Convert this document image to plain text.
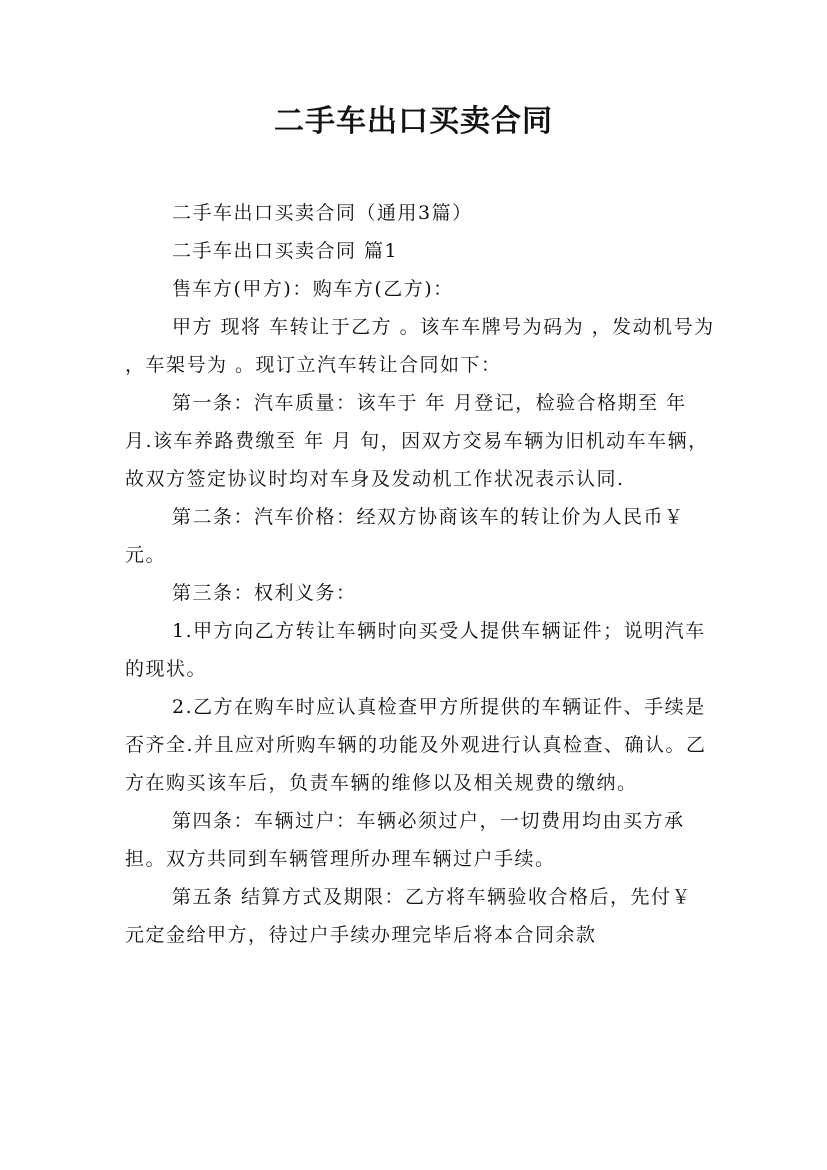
二手车出口买卖合同

二手车出口买卖合同（通用3篇）

二手车出口买卖合同 篇1

售车方(甲方)：购车方(乙方)：

甲方 现将 车转让于乙方 。该车车牌号为码为 ，发动机号为 ，车架号为 。现订立汽车转让合同如下：

第一条：汽车质量：该车于 年 月登记，检验合格期至 年 月.该车养路费缴至 年 月 旬，因双方交易车辆为旧机动车车辆，故双方签定协议时均对车身及发动机工作状况表示认同.

第二条：汽车价格：经双方协商该车的转让价为人民币￥ 元。

第三条：权利义务：

1.甲方向乙方转让车辆时向买受人提供车辆证件；说明汽车的现状。

2.乙方在购车时应认真检查甲方所提供的车辆证件、手续是否齐全.并且应对所购车辆的功能及外观进行认真检查、确认。乙方在购买该车后，负责车辆的维修以及相关规费的缴纳。

第四条：车辆过户：车辆必须过户，一切费用均由买方承担。双方共同到车辆管理所办理车辆过户手续。

第五条 结算方式及期限：乙方将车辆验收合格后，先付￥ 元定金给甲方，待过户手续办理完毕后将本合同余款
